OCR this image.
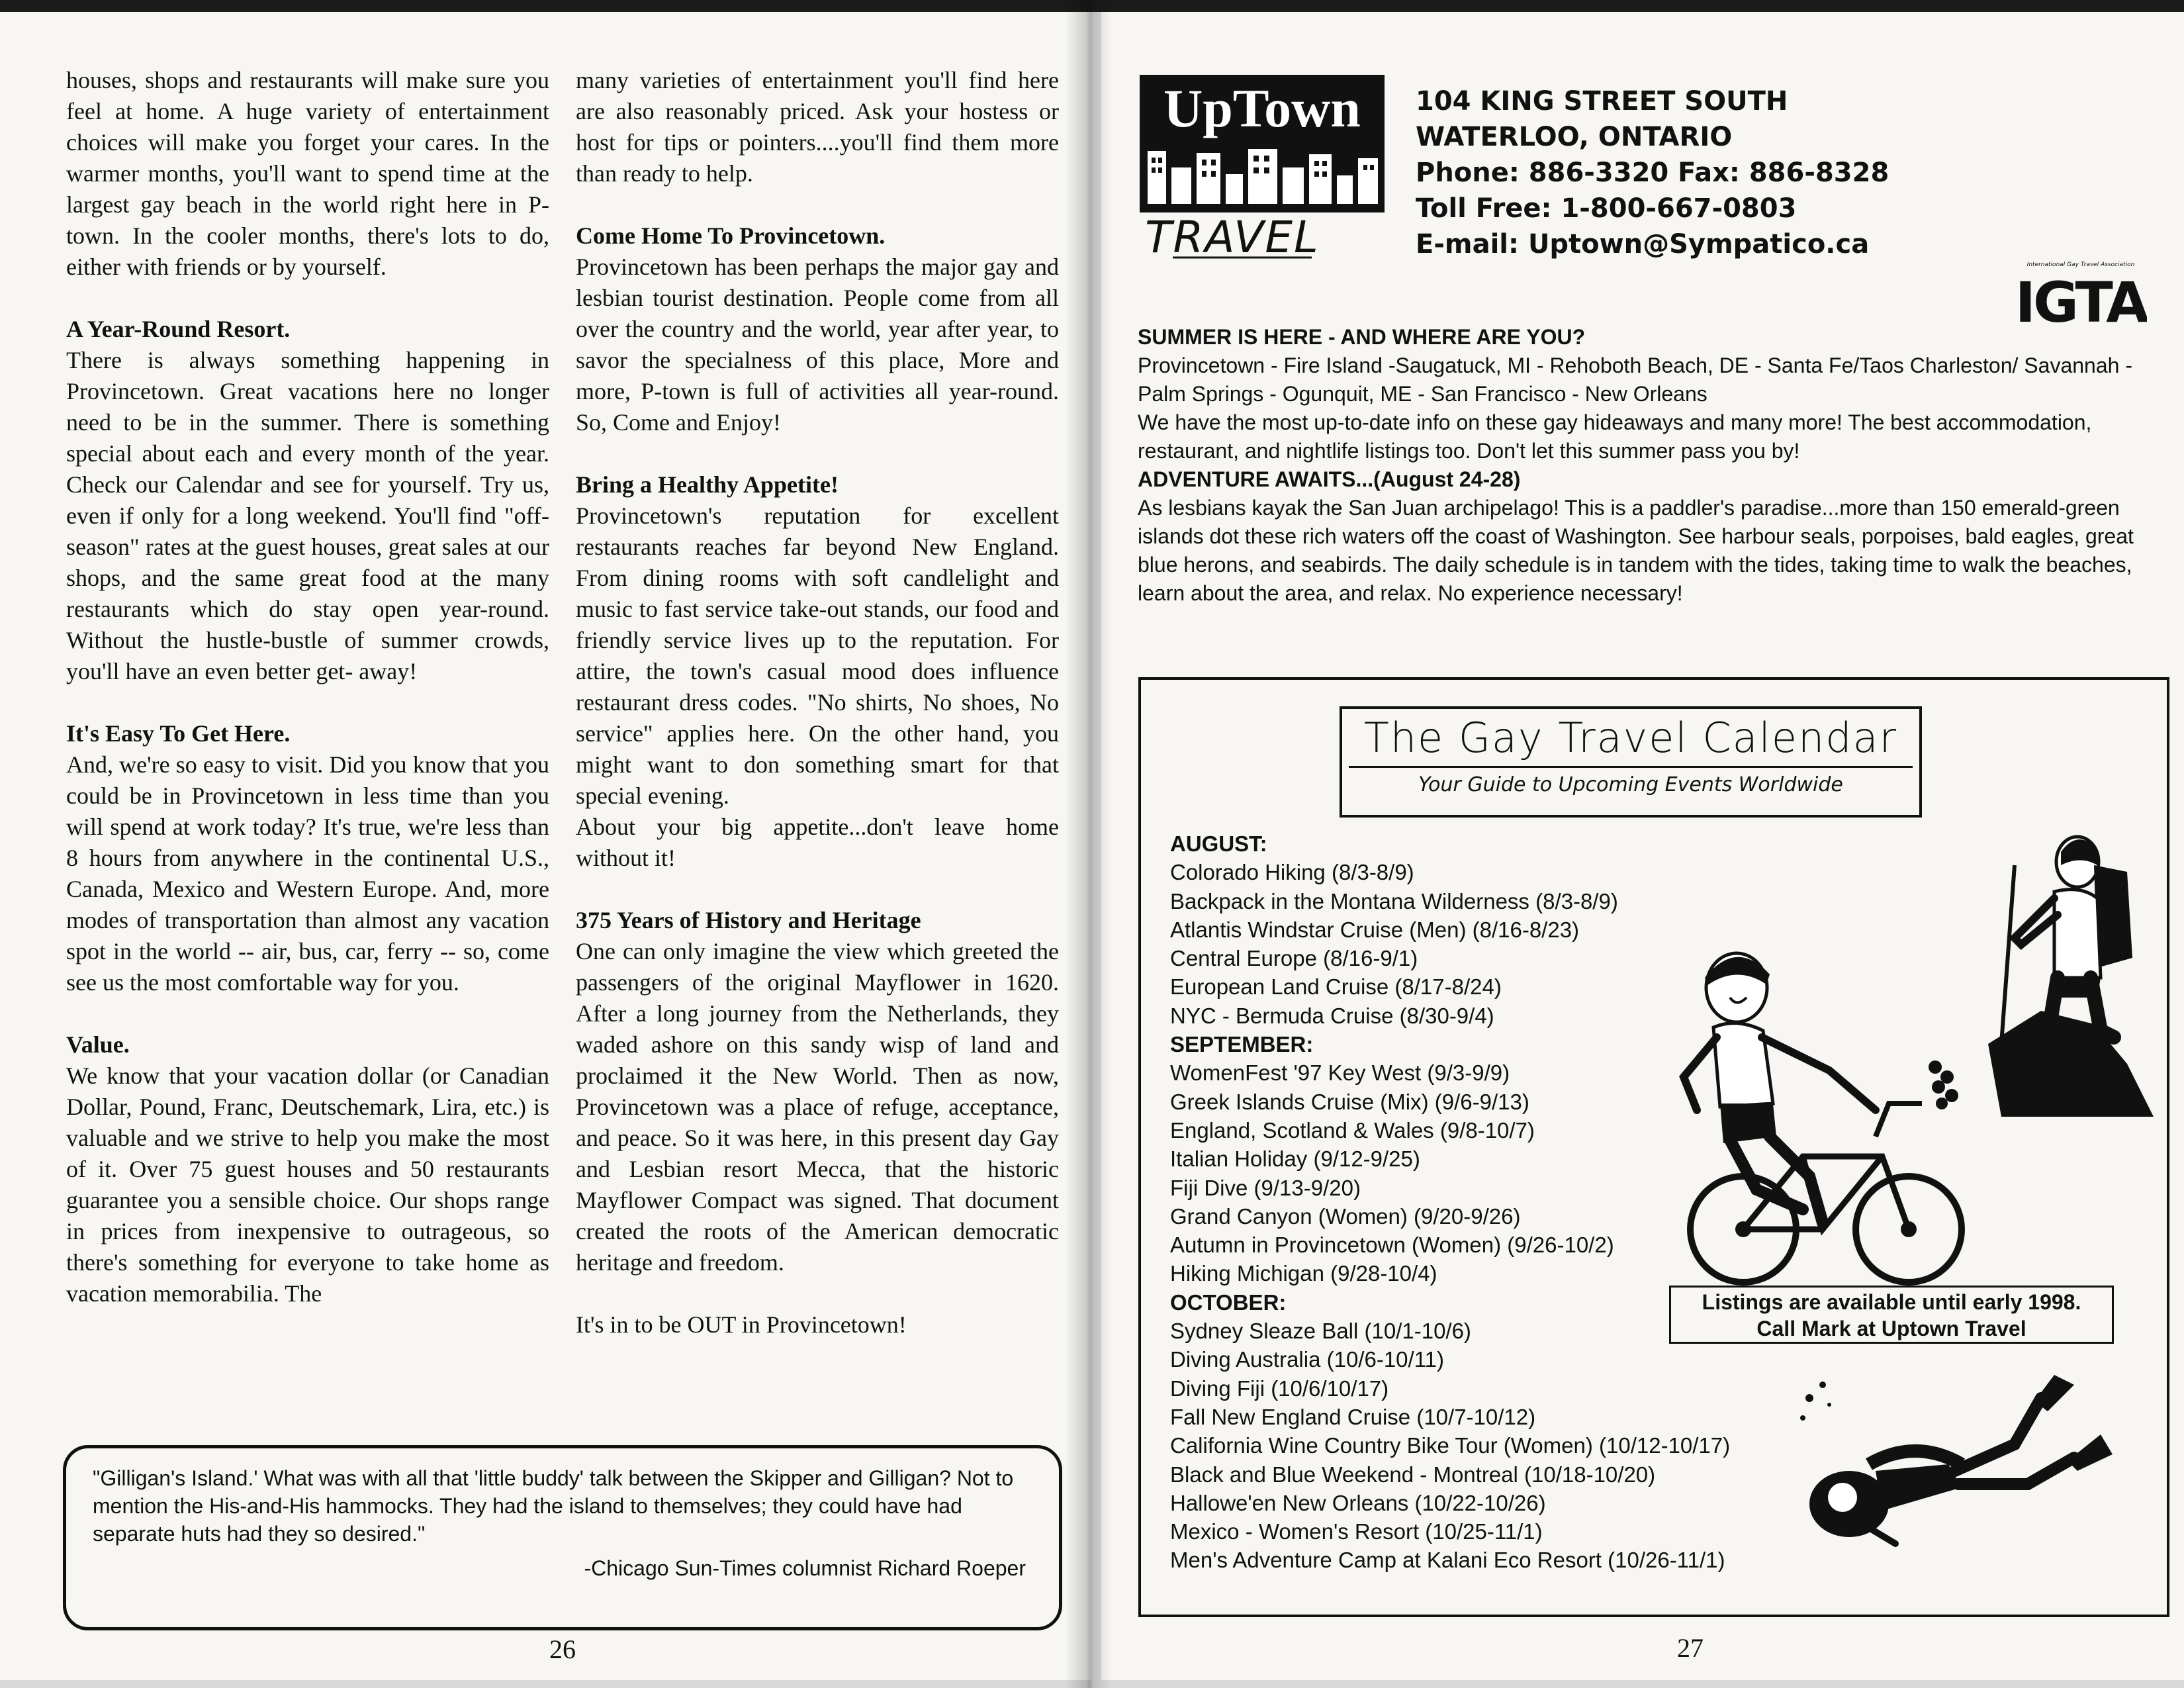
houses, shops and restaurants will make sure you feel at home. A huge variety of entertainment choices will make you forget your cares. In the warmer months, you'll want to spend time at the largest gay beach in the world right here in P-town. In the cooler months, there's lots to do, either with friends or by yourself.

A Year-Round Resort.

There is always something happening in Provincetown. Great vacations here no longer need to be in the summer. There is something special about each and every month of the year. Check our Calendar and see for yourself. Try us, even if only for a long weekend. You'll find "off-season" rates at the guest houses, great sales at our shops, and the same great food at the many restaurants which do stay open year-round. Without the hustle-bustle of summer crowds, you'll have an even better get- away!

It's Easy To Get Here.

And, we're so easy to visit. Did you know that you could be in Provincetown in less time than you will spend at work today? It's true, we're less than 8 hours from anywhere in the continental U.S., Canada, Mexico and Western Europe. And, more modes of transportation than almost any vacation spot in the world -- air, bus, car, ferry -- so, come see us the most comfortable way for you.

Value.

We know that your vacation dollar (or Canadian Dollar, Pound, Franc, Deutschemark, Lira, etc.) is valuable and we strive to help you make the most of it. Over 75 guest houses and 50 restaurants guarantee you a sensible choice. Our shops range in prices from inexpensive to outrageous, so there's something for everyone to take home as vacation memorabilia. The

many varieties of entertainment you'll find here are also reasonably priced. Ask your hostess or host for tips or pointers....you'll find them more than ready to help.

Come Home To Provincetown.

Provincetown has been perhaps the major gay and lesbian tourist destination. People come from all over the country and the world, year after year, to savor the specialness of this place, More and more, P-town is full of activities all year-round. So, Come and Enjoy!

Bring a Healthy Appetite!

Provincetown's reputation for excellent restaurants reaches far beyond New England. From dining rooms with soft candlelight and music to fast service take-out stands, our food and friendly service lives up to the reputation. For attire, the town's casual mood does influence restaurant dress codes. "No shirts, No shoes, No service" applies here. On the other hand, you might want to don something smart for that special evening.

About your big appetite...don't leave home without it!

375 Years of History and Heritage

One can only imagine the view which greeted the passengers of the original Mayflower in 1620. After a long journey from the Netherlands, they waded ashore on this sandy wisp of land and proclaimed it the New World. Then as now, Provincetown was a place of refuge, acceptance, and peace. So it was here, in this present day Gay and Lesbian resort Mecca, that the historic Mayflower Compact was signed. That document created the roots of the American democratic heritage and freedom.

It's in to be OUT in Provincetown!

"Gilligan's Island.' What was with all that 'little buddy' talk between the Skipper and Gilligan? Not to mention the His-and-His hammocks. They had the island to themselves; they could have had separate huts had they so desired."
-Chicago Sun-Times columnist Richard Roeper
26
UpTown
TRAVEL
104 KING STREET SOUTH
WATERLOO, ONTARIO
Phone: 886-3320 Fax: 886-8328
Toll Free: 1-800-667-0803
E-mail: Uptown@Sympatico.ca
International Gay Travel Association
IGTA

SUMMER IS HERE - AND WHERE ARE YOU?

Provincetown - Fire Island -Saugatuck, MI - Rehoboth Beach, DE - Santa Fe/Taos Charleston/ Savannah - Palm Springs - Ogunquit, ME - San Francisco - New Orleans

We have the most up-to-date info on these gay hideaways and many more! The best accommodation, restaurant, and nightlife listings too. Don't let this summer pass you by!

ADVENTURE AWAITS...(August 24-28)

As lesbians kayak the San Juan archipelago! This is a paddler's paradise...more than 150 emerald-green islands dot these rich waters off the coast of Washington. See harbour seals, porpoises, bald eagles, great blue herons, and seabirds. The daily schedule is in tandem with the tides, taking time to walk the beaches, learn about the area, and relax. No experience necessary!

The Gay Travel Calendar
Your Guide to Upcoming Events Worldwide
AUGUST:
Colorado Hiking (8/3-8/9)
Backpack in the Montana Wilderness (8/3-8/9)
Atlantis Windstar Cruise (Men) (8/16-8/23)
Central Europe (8/16-9/1)
European Land Cruise (8/17-8/24)
NYC - Bermuda Cruise (8/30-9/4)
SEPTEMBER:
WomenFest '97 Key West (9/3-9/9)
Greek Islands Cruise (Mix) (9/6-9/13)
England, Scotland & Wales (9/8-10/7)
Italian Holiday (9/12-9/25)
Fiji Dive (9/13-9/20)
Grand Canyon (Women) (9/20-9/26)
Autumn in Provincetown (Women) (9/26-10/2)
Hiking Michigan (9/28-10/4)
OCTOBER:
Sydney Sleaze Ball (10/1-10/6)
Diving Australia (10/6-10/11)
Diving Fiji (10/6/10/17)
Fall New England Cruise (10/7-10/12)
California Wine Country Bike Tour (Women) (10/12-10/17)
Black and Blue Weekend - Montreal (10/18-10/20)
Hallowe'en New Orleans (10/22-10/26)
Mexico - Women's Resort (10/25-11/1)
Men's Adventure Camp at Kalani Eco Resort (10/26-11/1)
Listings are available until early 1998.
Call Mark at Uptown Travel
27
